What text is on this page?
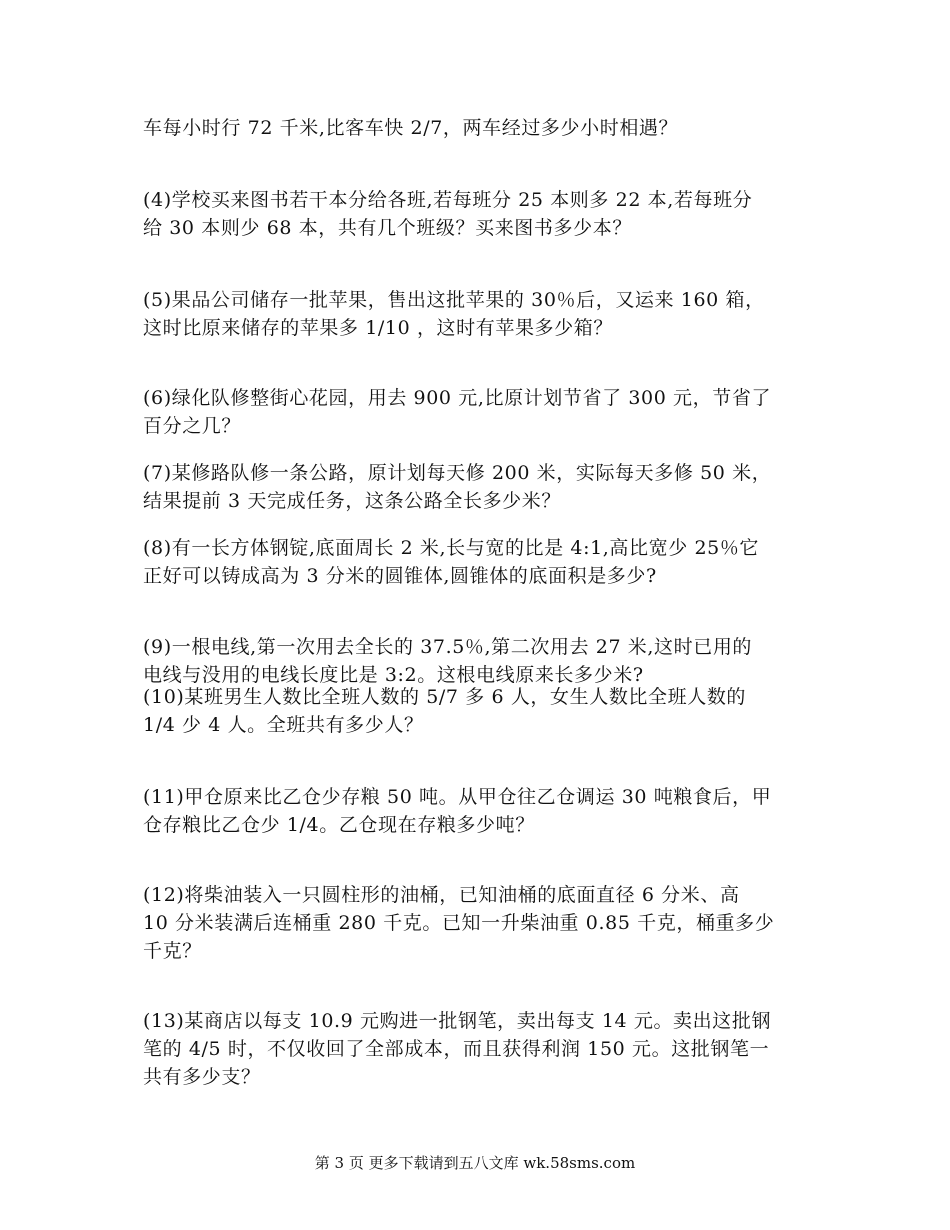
车每小时行 72 千米,比客车快 2/7，两车经过多少小时相遇？

(4)学校买来图书若干本分给各班,若每班分 25 本则多 22 本,若每班分
给 30 本则少 68 本，共有几个班级？买来图书多少本？

(5)果品公司储存一批苹果，售出这批苹果的 30％后，又运来 160 箱，
这时比原来储存的苹果多 1/10 ，这时有苹果多少箱？

(6)绿化队修整街心花园，用去 900 元,比原计划节省了 300 元，节省了
百分之几？

(7)某修路队修一条公路，原计划每天修 200 米，实际每天多修 50 米，
结果提前 3 天完成任务，这条公路全长多少米？

(8)有一长方体钢锭,底面周长 2 米,长与宽的比是 4:1,高比宽少 25％它
正好可以铸成高为 3 分米的圆锥体,圆锥体的底面积是多少?

(9)一根电线,第一次用去全长的 37.5％,第二次用去 27 米,这时已用的
电线与没用的电线长度比是 3:2。这根电线原来长多少米?

(10)某班男生人数比全班人数的 5/7 多 6 人，女生人数比全班人数的
1/4 少 4 人。全班共有多少人？

(11)甲仓原来比乙仓少存粮 50 吨。从甲仓往乙仓调运 30 吨粮食后，甲
仓存粮比乙仓少 1/4。乙仓现在存粮多少吨？

(12)将柴油装入一只圆柱形的油桶，已知油桶的底面直径 6 分米、高
10 分米装满后连桶重 280 千克。已知一升柴油重 0.85 千克，桶重多少
千克？

(13)某商店以每支 10.9 元购进一批钢笔，卖出每支 14 元。卖出这批钢
笔的 4/5 时，不仅收回了全部成本，而且获得利润 150 元。这批钢笔一
共有多少支？

第 3 页 更多下载请到五八文库 wk.58sms.com
